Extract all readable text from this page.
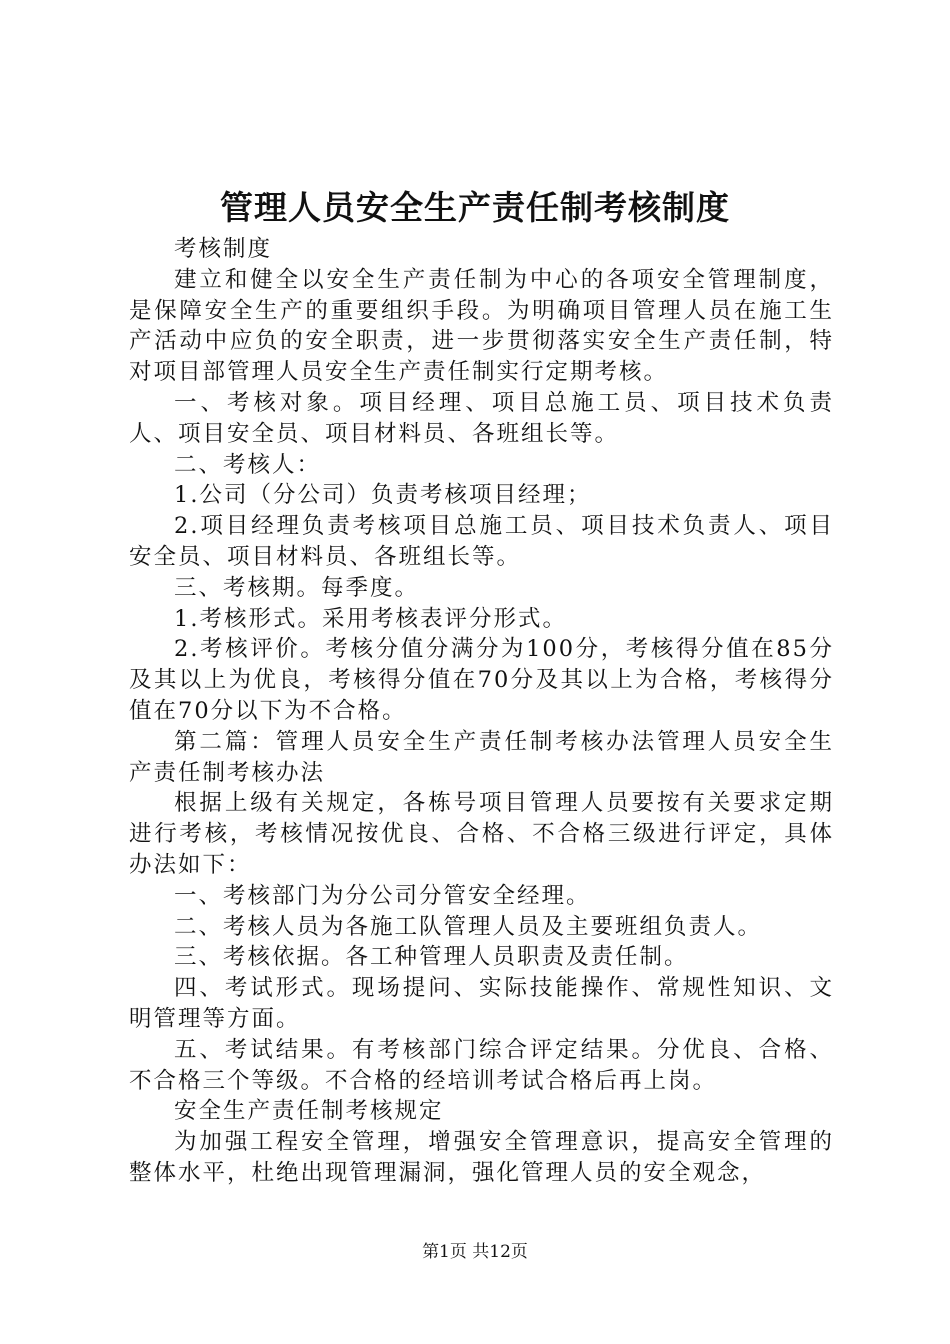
管理人员安全生产责任制考核制度

考核制度

建立和健全以安全生产责任制为中心的各项安全管理制度，是保障安全生产的重要组织手段。为明确项目管理人员在施工生产活动中应负的安全职责，进一步贯彻落实安全生产责任制，特对项目部管理人员安全生产责任制实行定期考核。

一、考核对象。项目经理、项目总施工员、项目技术负责人、项目安全员、项目材料员、各班组长等。

二、考核人：

1.公司（分公司）负责考核项目经理；

2.项目经理负责考核项目总施工员、项目技术负责人、项目安全员、项目材料员、各班组长等。

三、考核期。每季度。

1.考核形式。采用考核表评分形式。

2.考核评价。考核分值分满分为100分，考核得分值在85分及其以上为优良，考核得分值在70分及其以上为合格，考核得分值在70分以下为不合格。

第二篇：管理人员安全生产责任制考核办法管理人员安全生产责任制考核办法

根据上级有关规定，各栋号项目管理人员要按有关要求定期进行考核，考核情况按优良、合格、不合格三级进行评定，具体办法如下：

一、考核部门为分公司分管安全经理。

二、考核人员为各施工队管理人员及主要班组负责人。

三、考核依据。各工种管理人员职责及责任制。

四、考试形式。现场提问、实际技能操作、常规性知识、文明管理等方面。

五、考试结果。有考核部门综合评定结果。分优良、合格、不合格三个等级。不合格的经培训考试合格后再上岗。

安全生产责任制考核规定

为加强工程安全管理，增强安全管理意识，提高安全管理的整体水平，杜绝出现管理漏洞，强化管理人员的安全观念，

第1页 共12页
